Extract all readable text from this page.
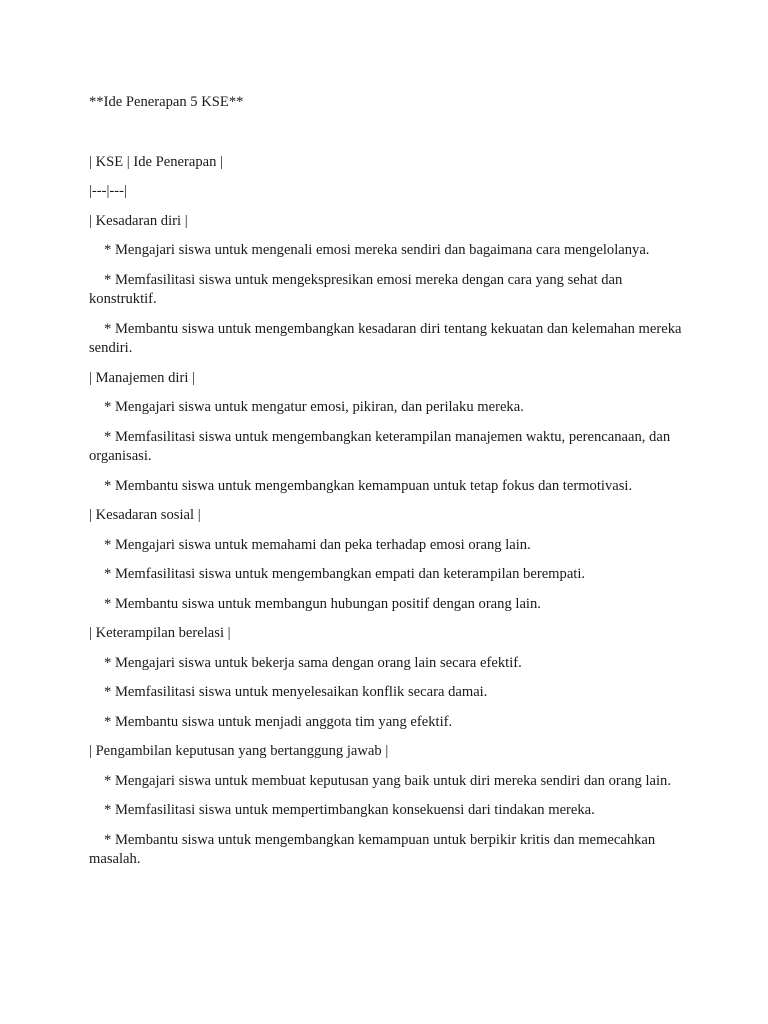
**Ide Penerapan 5 KSE**

| KSE | Ide Penerapan |

|---|---|

| Kesadaran diri |

* Mengajari siswa untuk mengenali emosi mereka sendiri dan bagaimana cara mengelolanya.

* Memfasilitasi siswa untuk mengekspresikan emosi mereka dengan cara yang sehat dan konstruktif.

* Membantu siswa untuk mengembangkan kesadaran diri tentang kekuatan dan kelemahan mereka sendiri.

| Manajemen diri |

* Mengajari siswa untuk mengatur emosi, pikiran, dan perilaku mereka.

* Memfasilitasi siswa untuk mengembangkan keterampilan manajemen waktu, perencanaan, dan organisasi.

* Membantu siswa untuk mengembangkan kemampuan untuk tetap fokus dan termotivasi.

| Kesadaran sosial |

* Mengajari siswa untuk memahami dan peka terhadap emosi orang lain.

* Memfasilitasi siswa untuk mengembangkan empati dan keterampilan berempati.

* Membantu siswa untuk membangun hubungan positif dengan orang lain.

| Keterampilan berelasi |

* Mengajari siswa untuk bekerja sama dengan orang lain secara efektif.

* Memfasilitasi siswa untuk menyelesaikan konflik secara damai.

* Membantu siswa untuk menjadi anggota tim yang efektif.

| Pengambilan keputusan yang bertanggung jawab |

* Mengajari siswa untuk membuat keputusan yang baik untuk diri mereka sendiri dan orang lain.

* Memfasilitasi siswa untuk mempertimbangkan konsekuensi dari tindakan mereka.

* Membantu siswa untuk mengembangkan kemampuan untuk berpikir kritis dan memecahkan masalah.
